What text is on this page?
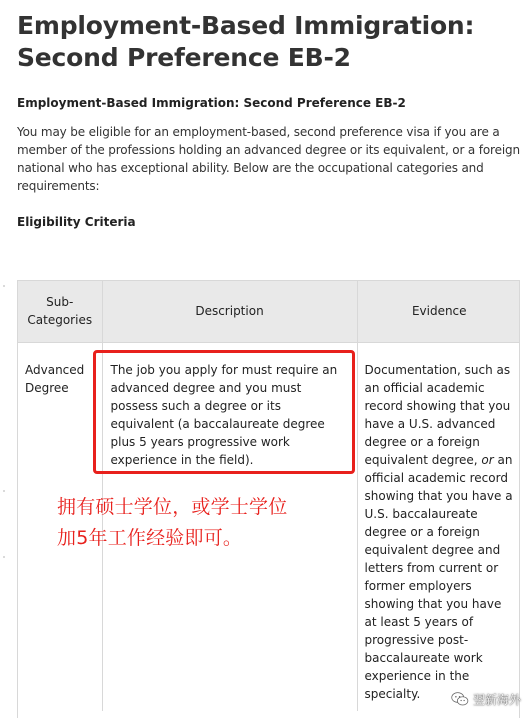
Employment-Based Immigration: Second Preference EB-2
Employment-Based Immigration: Second Preference EB-2

You may be eligible for an employment-based, second preference visa if you are a member of the professions holding an advanced degree or its equivalent, or a foreign national who has exceptional ability. Below are the occupational categories and requirements:

Eligibility Criteria
Sub-Categories	Description	Evidence
Advanced Degree	The job you apply for must require an advanced degree and you must possess such a degree or its equivalent (a baccalaureate degree plus 5 years progressive work experience in the field).	Documentation, such as an official academic record showing that you have a U.S. advanced degree or a foreign equivalent degree, or an official academic record showing that you have a U.S. baccalaureate degree or a foreign equivalent degree and letters from current or former employers showing that you have at least 5 years of progressive post-baccalaureate work experience in the specialty.
拥有硕士学位，或学士学位
加5年工作经验即可。
翌新海外
